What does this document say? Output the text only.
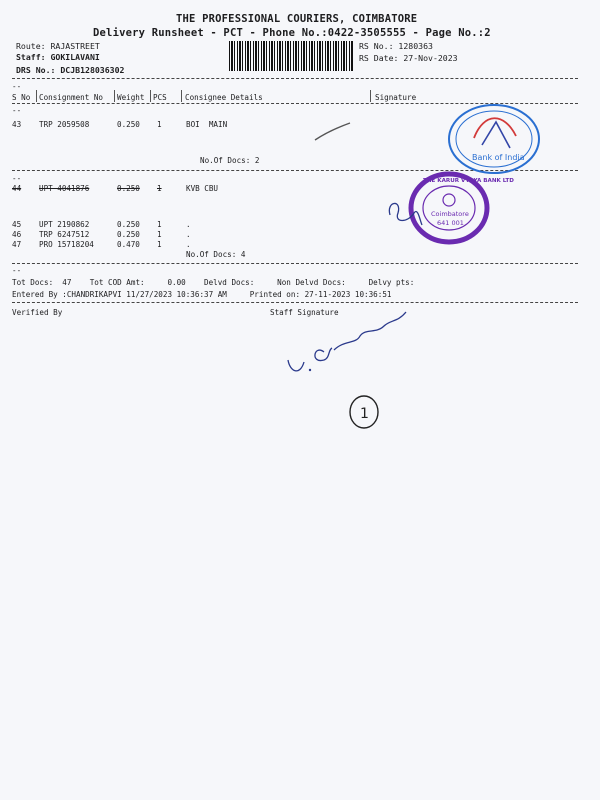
THE PROFESSIONAL COURIERS, COIMBATORE
Delivery Runsheet - PCT - Phone No.:0422-3505555 - Page No.:2
Route: RAJASTREET
Staff: GOKILAVANI
DRS No.: DCJB128036302
RS No.: 1280363
RS Date: 27-Nov-2023
--
S No Consignment No Weight PCS Consignee Details	Signature
--
43 TRP 2059508	0.250 1	BOI  MAIN
No.Of Docs: 2
--
44 UPT 4041876	0.250 1	KVB CBU
45 UPT 2190862	0.250 1	.
46 TRP 6247512	0.250 1	.
47 PRO 15718204	0.470 1	.
No.Of Docs: 4
--
Tot Docs:  47    Tot COD Amt:     0.00    Delvd Docs:     Non Delvd Docs:     Delvy pts:
Entered By :CHANDRIKAPVI 11/27/2023 10:36:37 AM     Printed on: 27-11-2023 10:36:51
Verified By	Staff Signature
Bank of India
THE KARUR VYSYA BANK LTD
Coimbatore
641 001
1
